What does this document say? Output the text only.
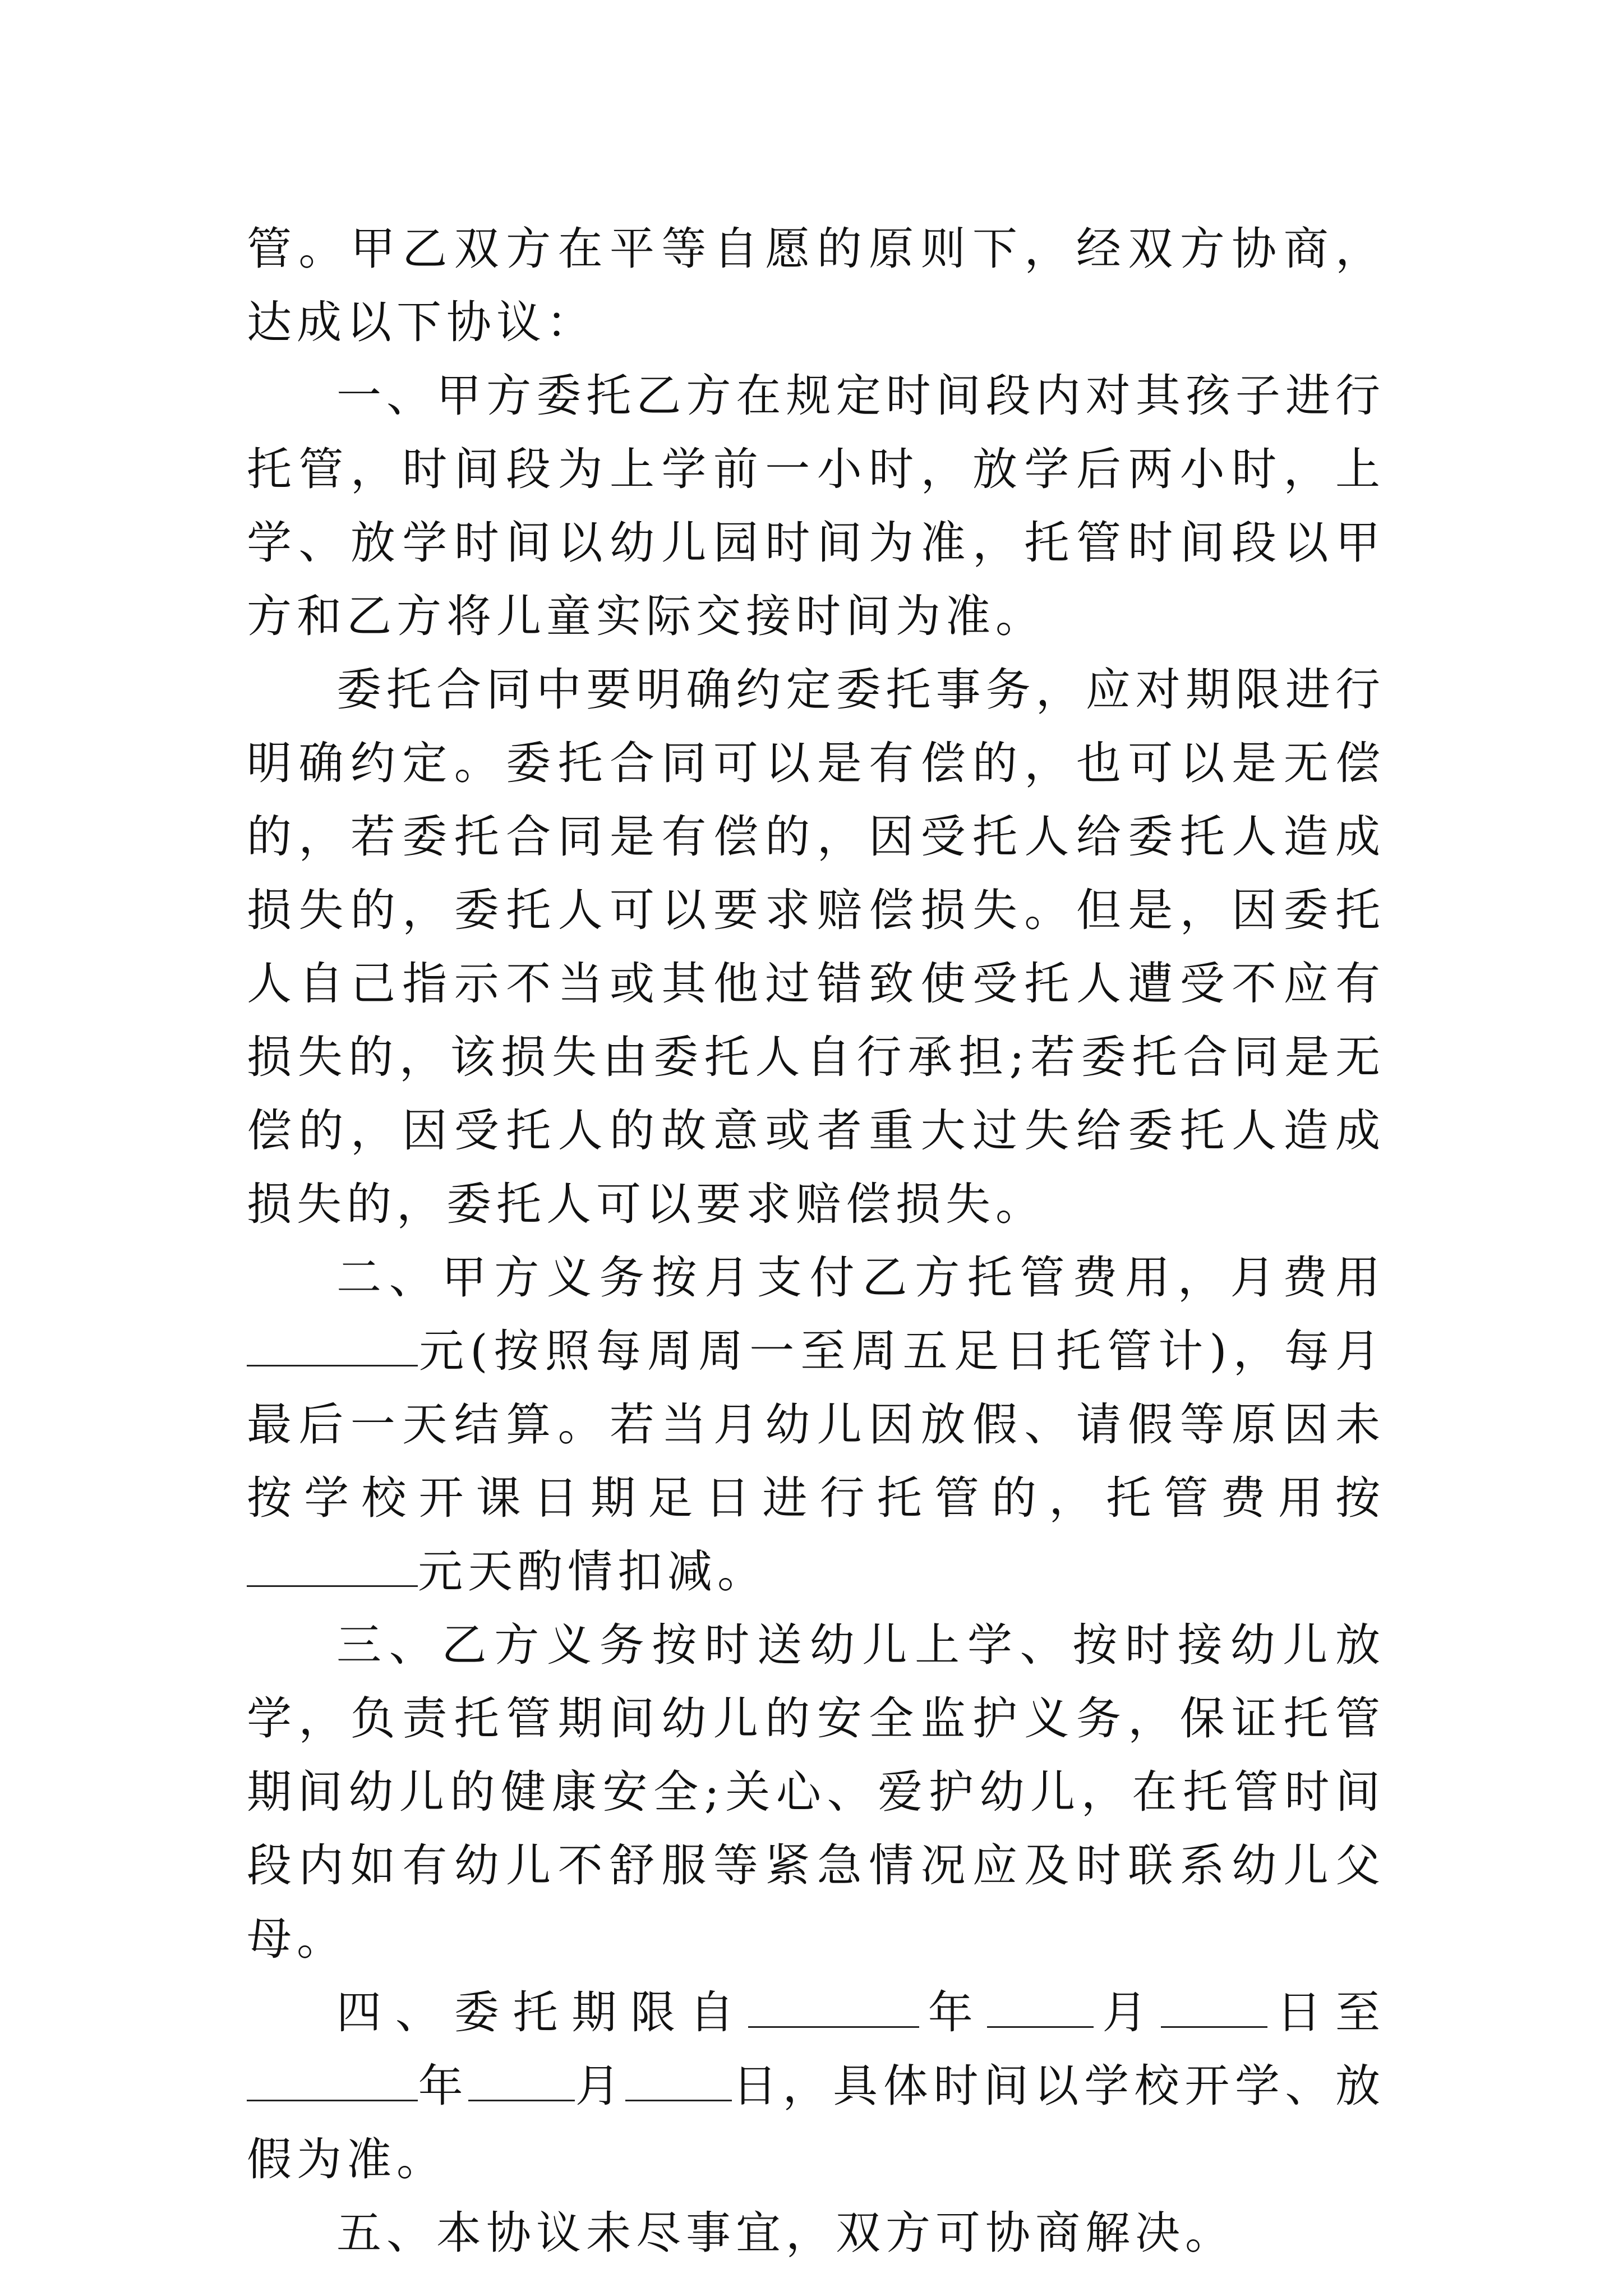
管。甲乙双方在平等自愿的原则下，经双方协商，达成以下协议：

一、甲方委托乙方在规定时间段内对其孩子进行托管，时间段为上学前一小时，放学后两小时，上学、放学时间以幼儿园时间为准，托管时间段以甲方和乙方将儿童实际交接时间为准。

委托合同中要明确约定委托事务，应对期限进行明确约定。委托合同可以是有偿的，也可以是无偿的，若委托合同是有偿的，因受托人给委托人造成损失的，委托人可以要求赔偿损失。但是，因委托人自己指示不当或其他过错致使受托人遭受不应有损失的，该损失由委托人自行承担;若委托合同是无偿的，因受托人的故意或者重大过失给委托人造成损失的，委托人可以要求赔偿损失。

二、甲方义务按月支付乙方托管费用，月费用元(按照每周周一至周五足日托管计)，每月最后一天结算。若当月幼儿因放假、请假等原因未按学校开课日期足日进行托管的，托管费用按元天酌情扣减。

三、乙方义务按时送幼儿上学、按时接幼儿放学，负责托管期间幼儿的安全监护义务，保证托管期间幼儿的健康安全;关心、爱护幼儿，在托管时间段内如有幼儿不舒服等紧急情况应及时联系幼儿父母。

四、委托期限自	年 月 日至年 月 日，具体时间以学校开学、放假为准。

五、本协议未尽事宜，双方可协商解决。
